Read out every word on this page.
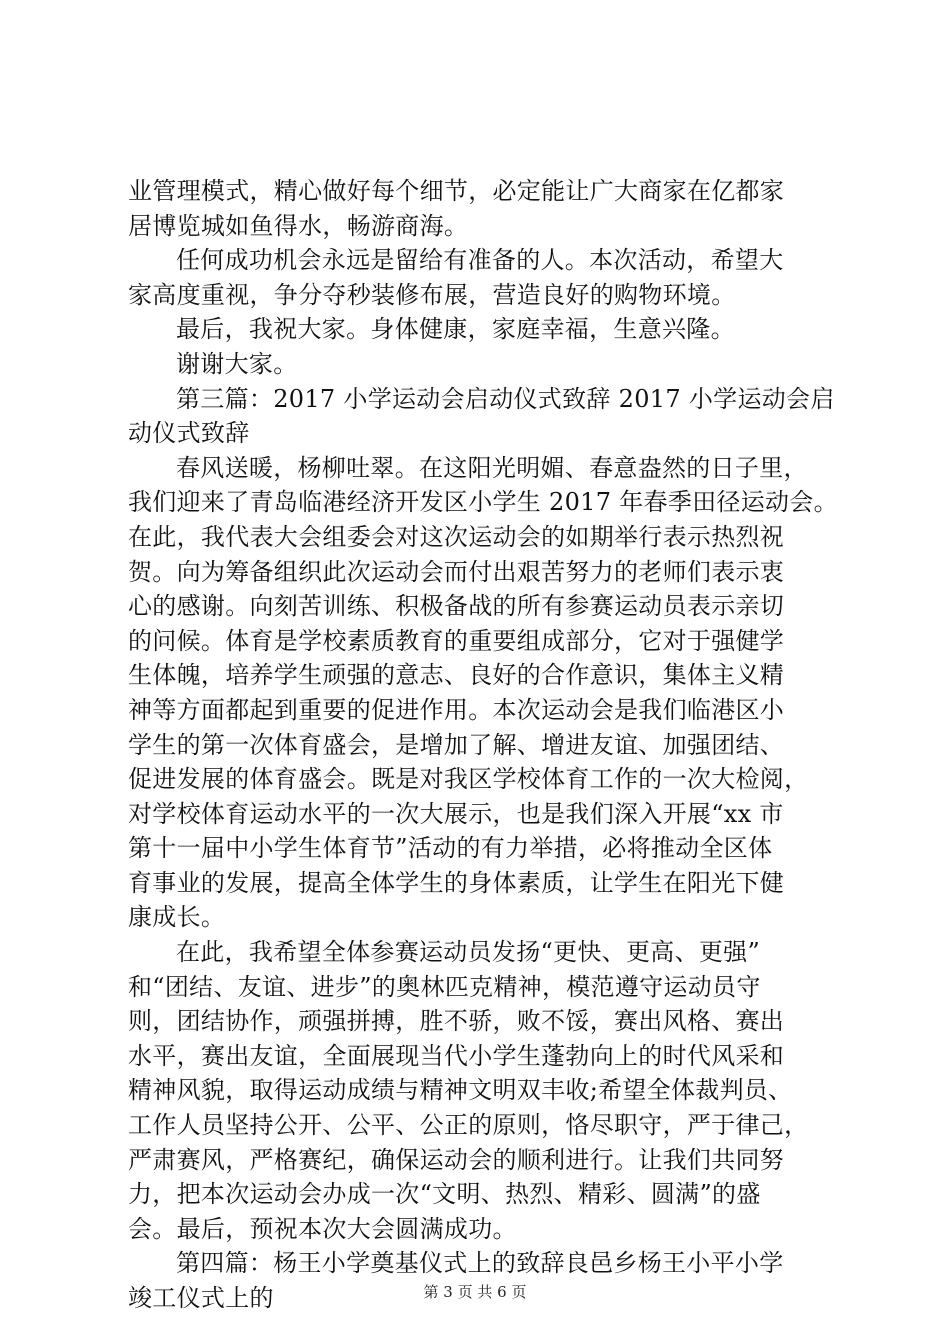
业管理模式，精心做好每个细节，必定能让广大商家在亿都家
居博览城如鱼得水，畅游商海。
任何成功机会永远是留给有准备的人。本次活动，希望大
家高度重视，争分夺秒装修布展，营造良好的购物环境。
最后，我祝大家。身体健康，家庭幸福，生意兴隆。
谢谢大家。
第三篇：2017 小学运动会启动仪式致辞 2017 小学运动会启
动仪式致辞
春风送暖，杨柳吐翠。在这阳光明媚、春意盎然的日子里，
我们迎来了青岛临港经济开发区小学生 2017 年春季田径运动会。
在此，我代表大会组委会对这次运动会的如期举行表示热烈祝
贺。向为筹备组织此次运动会而付出艰苦努力的老师们表示衷
心的感谢。向刻苦训练、积极备战的所有参赛运动员表示亲切
的问候。体育是学校素质教育的重要组成部分，它对于强健学
生体魄，培养学生顽强的意志、良好的合作意识，集体主义精
神等方面都起到重要的促进作用。本次运动会是我们临港区小
学生的第一次体育盛会，是增加了解、增进友谊、加强团结、
促进发展的体育盛会。既是对我区学校体育工作的一次大检阅，
对学校体育运动水平的一次大展示，也是我们深入开展“xx 市
第十一届中小学生体育节”活动的有力举措，必将推动全区体
育事业的发展，提高全体学生的身体素质，让学生在阳光下健
康成长。
在此，我希望全体参赛运动员发扬“更快、更高、更强”
和“团结、友谊、进步”的奥林匹克精神，模范遵守运动员守
则，团结协作，顽强拼搏，胜不骄，败不馁，赛出风格、赛出
水平，赛出友谊，全面展现当代小学生蓬勃向上的时代风采和
精神风貌，取得运动成绩与精神文明双丰收;希望全体裁判员、
工作人员坚持公开、公平、公正的原则，恪尽职守，严于律己，
严肃赛风，严格赛纪，确保运动会的顺利进行。让我们共同努
力，把本次运动会办成一次“文明、热烈、精彩、圆满”的盛
会。最后，预祝本次大会圆满成功。
第四篇：杨王小学奠基仪式上的致辞良邑乡杨王小平小学
竣工仪式上的	第 3 页 共 6 页
